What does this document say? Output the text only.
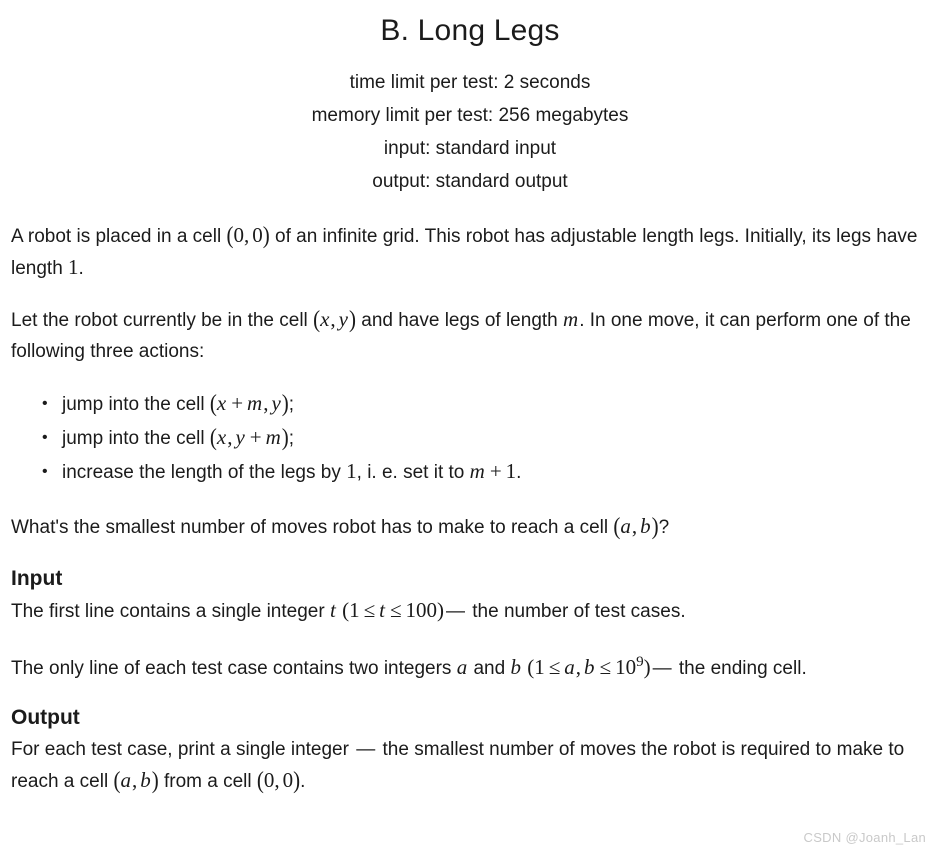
B. Long Legs
time limit per test: 2 seconds
memory limit per test: 256 megabytes
input: standard input
output: standard output

A robot is placed in a cell (0, 0) of an infinite grid. This robot has adjustable length legs. Initially, its legs have length 1.

Let the robot currently be in the cell (x, y) and have legs of length m. In one move, it can perform one of the following three actions:

• jump into the cell (x + m, y);
• jump into the cell (x, y + m);
• increase the length of the legs by 1, i. e. set it to m + 1.

What's the smallest number of moves robot has to make to reach a cell (a, b)?

Input

The first line contains a single integer t (1 ≤ t ≤ 100) — the number of test cases.

The only line of each test case contains two integers a and b (1 ≤ a, $b \le 10^9$) — the ending cell.

Output

For each test case, print a single integer — the smallest number of moves the robot is required to make to reach a cell (a, b) from a cell (0, 0).

CSDN @Joanh_Lan
